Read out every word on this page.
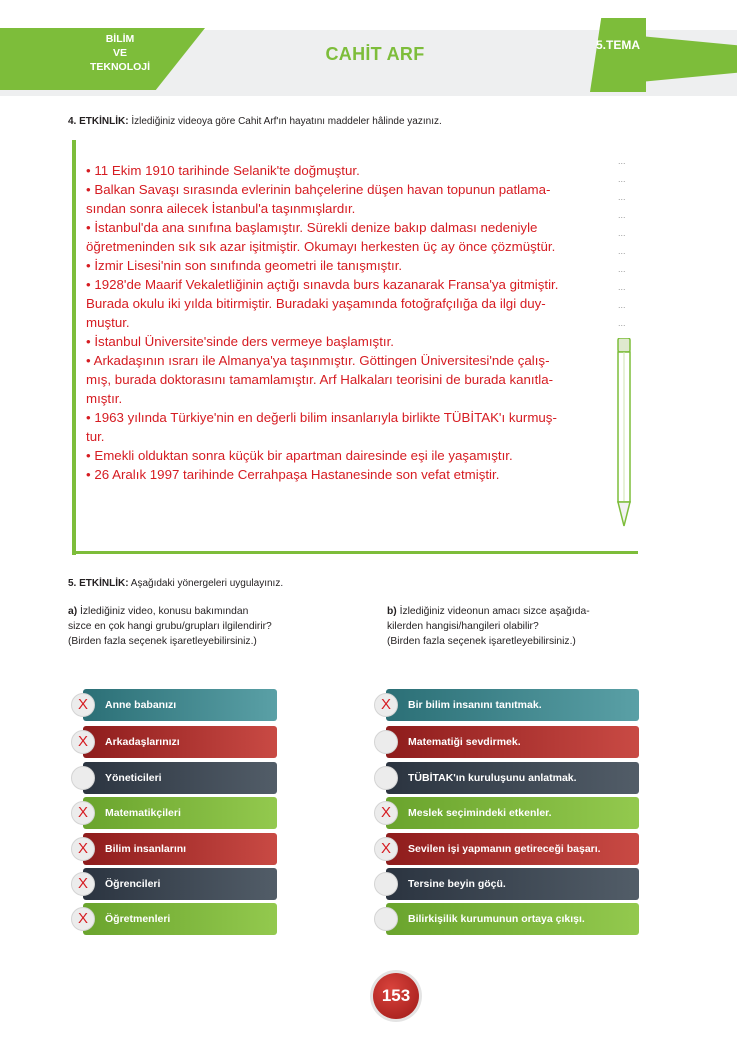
BİLİM
VE
TEKNOLOJİ
CAHİT ARF	5.TEMA
4. ETKİNLİK: İzlediğiniz videoya göre Cahit Arf'ın hayatını maddeler hâlinde yazınız.

• 11 Ekim 1910 tarihinde Selanik'te doğmuştur.

• Balkan Savaşı sırasında evlerinin bahçelerine düşen havan topunun patlama-

sından sonra ailecek İstanbul'a taşınmışlardır.

• İstanbul'da ana sınıfına başlamıştır. Sürekli denize bakıp dalması nedeniyle

öğretmeninden sık sık azar işitmiştir. Okumayı herkesten üç ay önce çözmüştür.

• İzmir Lisesi'nin son sınıfında geometri ile tanışmıştır.

• 1928'de Maarif Vekaletliğinin açtığı sınavda burs kazanarak Fransa'ya gitmiştir.

Burada okulu iki yılda bitirmiştir. Buradaki yaşamında fotoğrafçılığa da ilgi duy-

muştur.

• İstanbul Üniversite'sinde ders vermeye başlamıştır.

• Arkadaşının ısrarı ile Almanya'ya taşınmıştır. Göttingen Üniversitesi'nde çalış-

mış, burada doktorasını tamamlamıştır. Arf Halkaları teorisini de burada kanıtla-

mıştır.

• 1963 yılında Türkiye'nin en değerli bilim insanlarıyla birlikte TÜBİTAK'ı kurmuş-

tur.

• Emekli olduktan sonra küçük bir apartman dairesinde eşi ile yaşamıştır.

• 26 Aralık 1997 tarihinde Cerrahpaşa Hastanesinde son vefat etmiştir.

...
...
...
...
...
...
...
...
...
...
5. ETKİNLİK: Aşağıdaki yönergeleri uygulayınız.
a) İzlediğiniz video, konusu bakımından
sizce en çok hangi grubu/grupları ilgilendirir?
(Birden fazla seçenek işaretleyebilirsiniz.)
b) İzlediğiniz videonun amacı sizce aşağıda-
kilerden hangisi/hangileri olabilir?
(Birden fazla seçenek işaretleyebilirsiniz.)
Anne babanızı
X
Arkadaşlarınızı
X
Yöneticileri
Matematikçileri
X
Bilim insanlarını
X
Öğrencileri
X
Öğretmenleri
X
Bir bilim insanını tanıtmak.
X
Matematiği sevdirmek.
TÜBİTAK'ın kuruluşunu anlatmak.
Meslek seçimindeki etkenler.
X
Sevilen işi yapmanın getireceği başarı.
X
Tersine beyin göçü.
Bilirkişilik kurumunun ortaya çıkışı.
153
